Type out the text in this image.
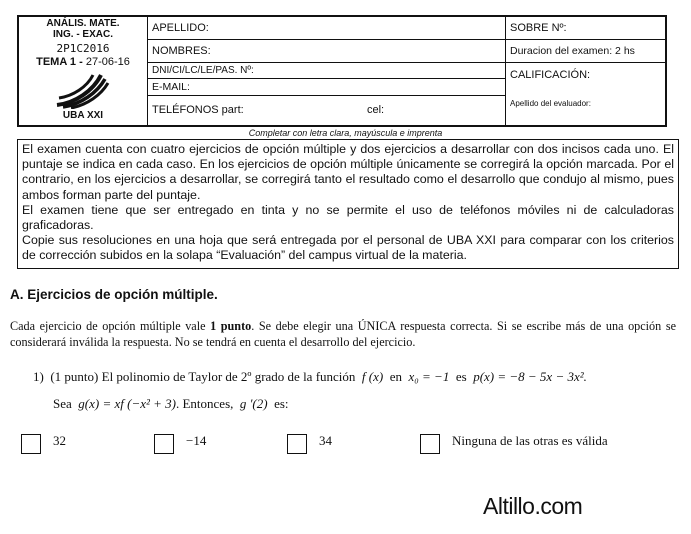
ANÁLIS. MATE.
ING. - EXAC.
2P1C2016
TEMA 1 - 27-06-16
UBA XXI
APELLIDO:
NOMBRES:
DNI/CI/LC/LE/PAS. Nº:
E-MAIL:
TELÉFONOS part:	cel:
SOBRE Nº:
Duracion del examen: 2 hs
CALIFICACIÓN:
Apellido del evaluador:
Completar con letra clara, mayúscula e imprenta

El examen cuenta con cuatro ejercicios de opción múltiple y dos ejercicios a desarrollar con dos incisos cada uno. El puntaje se indica en cada caso. En los ejercicios de opción múltiple únicamente se corregirá la opción marcada. Por el contrario, en los ejercicios a desarrollar, se corregirá tanto el resultado como el desarrollo que condujo al mismo, pues ambos forman parte del puntaje.

El examen tiene que ser entregado en tinta y no se permite el uso de teléfonos móviles ni de calculadoras graficadoras.

Copie sus resoluciones en una hoja que será entregada por el personal de UBA XXI para comparar con los criterios de corrección subidos en la solapa “Evaluación” del campus virtual de la materia.

A. Ejercicios de opción múltiple.
Cada ejercicio de opción múltiple vale 1 punto. Se debe elegir una ÚNICA respuesta correcta. Si se escribe más de una opción se considerará inválida la respuesta. No se tendrá en cuenta el desarrollo del ejercicio.
1) (1 punto) El polinomio de Taylor de 2º grado de la función f (x) en x₀ = −1 es p(x) = −8 − 5x − 3x².
Sea g(x) = xf (−x² + 3). Entonces, g '(2) es:
32	−14	34	Ninguna de las otras es válida
Altillo.com
